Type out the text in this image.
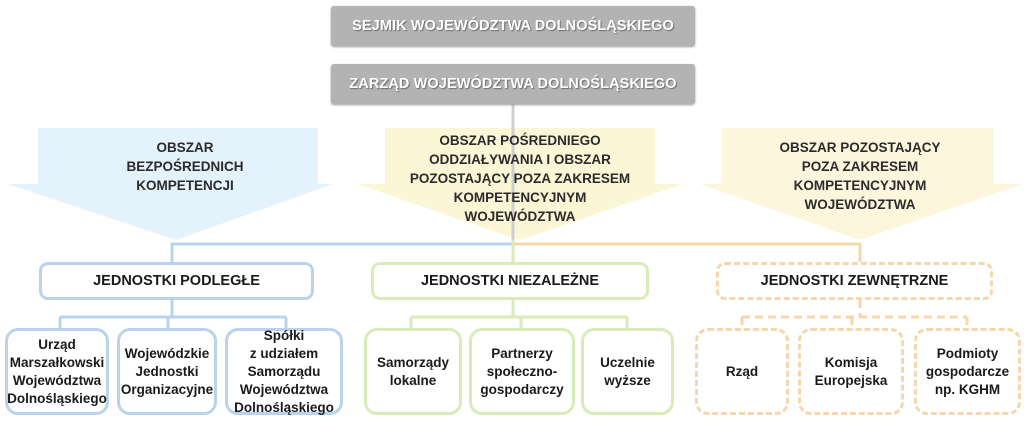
SEJMIK WOJEWÓDZTWA DOLNOŚLĄSKIEGO
ZARZĄD WOJEWÓDZTWA DOLNOŚLĄSKIEGO
OBSZAR
BEZPOŚREDNICH
KOMPETENCJI
OBSZAR POŚREDNIEGO
ODDZIAŁYWANIA I OBSZAR
POZOSTAJĄCY POZA ZAKRESEM
KOMPETENCYJNYM
WOJEWÓDZTWA
OBSZAR POZOSTAJĄCY
POZA ZAKRESEM
KOMPETENCYJNYM
WOJEWÓDZTWA
JEDNOSTKI PODLEGŁE	JEDNOSTKI NIEZALEŻNE	JEDNOSTKI ZEWNĘTRZNE
Urząd
Marszałkowski
Województwa
Dolnośląskiego
Wojewódzkie
Jednostki
Organizacyjne
Spółki
z udziałem
Samorządu
Województwa
Dolnośląskiego
Samorządy
lokalne
Partnerzy
społeczno-
gospodarczy
Uczelnie
wyższe
Rząd
Komisja
Europejska
Podmioty
gospodarcze
np. KGHM
